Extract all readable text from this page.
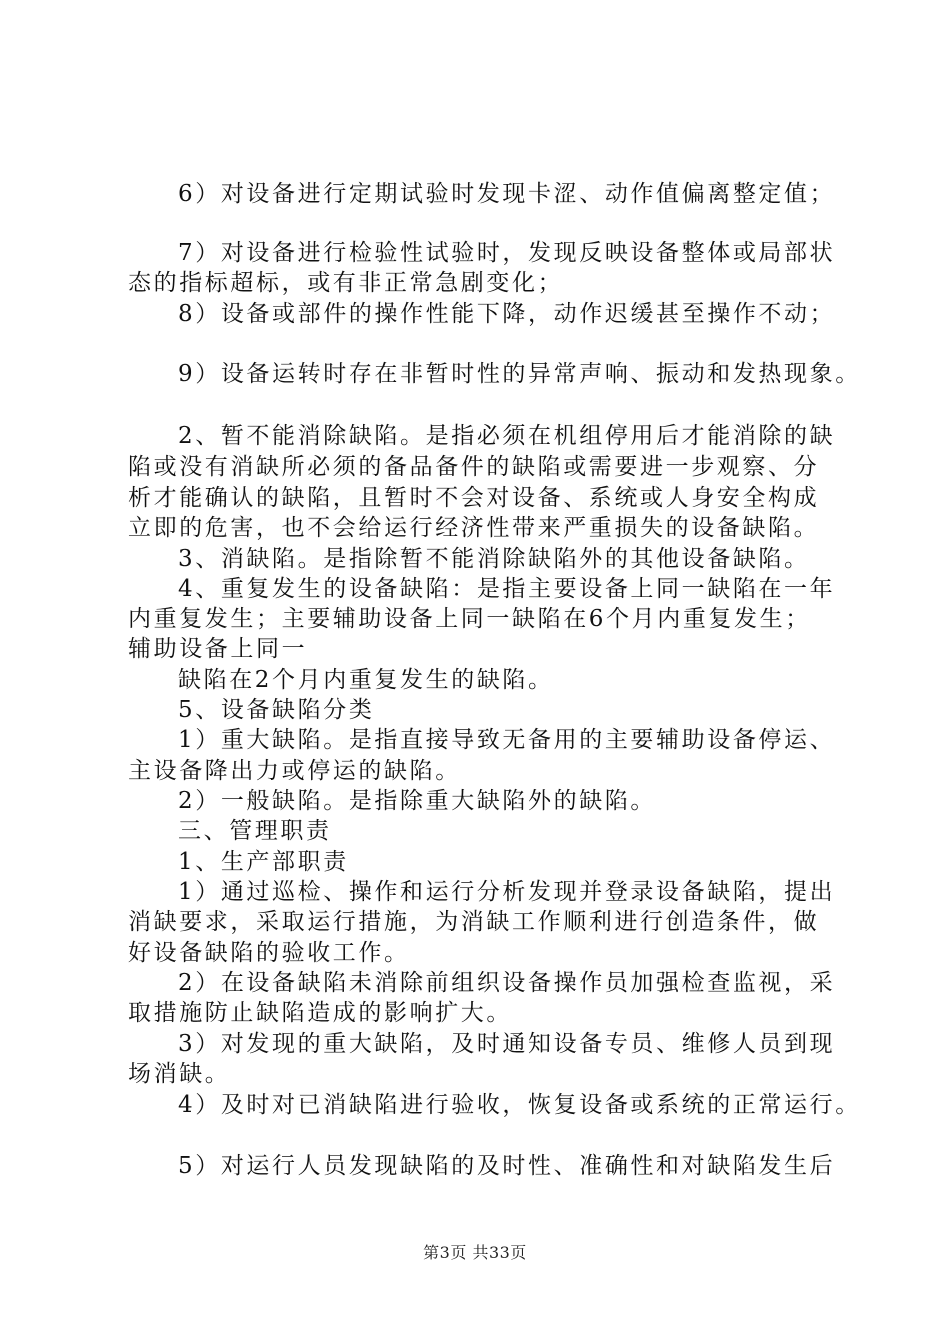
6）对设备进行定期试验时发现卡涩、动作值偏离整定值；
7）对设备进行检验性试验时，发现反映设备整体或局部状
态的指标超标，或有非正常急剧变化；
8）设备或部件的操作性能下降，动作迟缓甚至操作不动；
9）设备运转时存在非暂时性的异常声响、振动和发热现象。
2、暂不能消除缺陷。是指必须在机组停用后才能消除的缺
陷或没有消缺所必须的备品备件的缺陷或需要进一步观察、分
析才能确认的缺陷，且暂时不会对设备、系统或人身安全构成
立即的危害，也不会给运行经济性带来严重损失的设备缺陷。
3、消缺陷。是指除暂不能消除缺陷外的其他设备缺陷。
4、重复发生的设备缺陷：是指主要设备上同一缺陷在一年
内重复发生；主要辅助设备上同一缺陷在6个月内重复发生；
辅助设备上同一
缺陷在2个月内重复发生的缺陷。
5、设备缺陷分类
1）重大缺陷。是指直接导致无备用的主要辅助设备停运、
主设备降出力或停运的缺陷。
2）一般缺陷。是指除重大缺陷外的缺陷。
三、管理职责
1、生产部职责
1）通过巡检、操作和运行分析发现并登录设备缺陷，提出
消缺要求，采取运行措施，为消缺工作顺利进行创造条件，做
好设备缺陷的验收工作。
2）在设备缺陷未消除前组织设备操作员加强检查监视，采
取措施防止缺陷造成的影响扩大。
3）对发现的重大缺陷，及时通知设备专员、维修人员到现
场消缺。
4）及时对已消缺陷进行验收，恢复设备或系统的正常运行。
5）对运行人员发现缺陷的及时性、准确性和对缺陷发生后
第3页 共33页
